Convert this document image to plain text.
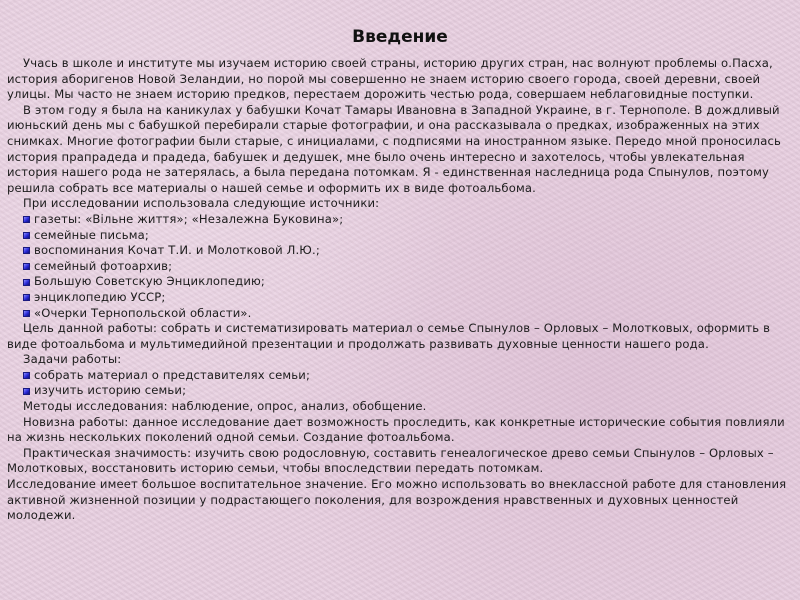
Введение

Учась в школе и институте мы изучаем историю своей страны, историю других стран, нас волнуют проблемы о.Пасха, история аборигенов Новой Зеландии, но порой мы совершенно не знаем историю своего города, своей деревни, своей улицы. Мы часто не знаем историю предков, перестаем дорожить честью рода, совершаем неблаговидные поступки.

В этом году я была на каникулах у бабушки Кочат Тамары Ивановна в Западной Украине, в г. Тернополе. В дождливый июньский день мы с бабушкой перебирали старые фотографии, и она рассказывала о предках, изображенных на этих снимках. Многие фотографии были старые, с инициалами, с подписями на иностранном языке. Передо мной проносилась история прапрадеда и прадеда, бабушек и дедушек, мне было очень интересно и захотелось, чтобы увлекательная история нашего рода не затерялась, а была передана потомкам. Я - единственная наследница рода Спынулов, поэтому решила собрать все материалы о нашей семье и оформить их в виде фотоальбома.

При исследовании использовала следующие источники:

газеты: «Вільне життя»; «Незалежна Буковина»;
семейные письма;
воспоминания Кочат Т.И. и Молотковой Л.Ю.;
семейный фотоархив;
Большую Советскую Энциклопедию;
энциклопедию УССР;
«Очерки Тернопольской области».

Цель данной работы: собрать и систематизировать материал о семье Спынулов – Орловых – Молотковых, оформить в виде фотоальбома и мультимедийной презентации и продолжать развивать духовные ценности нашего рода.

Задачи работы:

собрать материал о представителях семьи;
изучить историю семьи;

Методы исследования: наблюдение, опрос, анализ, обобщение.

Новизна работы: данное исследование дает возможность проследить, как конкретные исторические события повлияли на жизнь нескольких поколений одной семьи. Создание фотоальбома.

Практическая значимость: изучить свою родословную, составить генеалогическое древо семьи Спынулов – Орловых – Молотковых, восстановить историю семьи, чтобы впоследствии передать потомкам.

Исследование имеет большое воспитательное значение. Его можно использовать во внеклассной работе для становления активной жизненной позиции у подрастающего поколения, для возрождения нравственных и духовных ценностей молодежи.
